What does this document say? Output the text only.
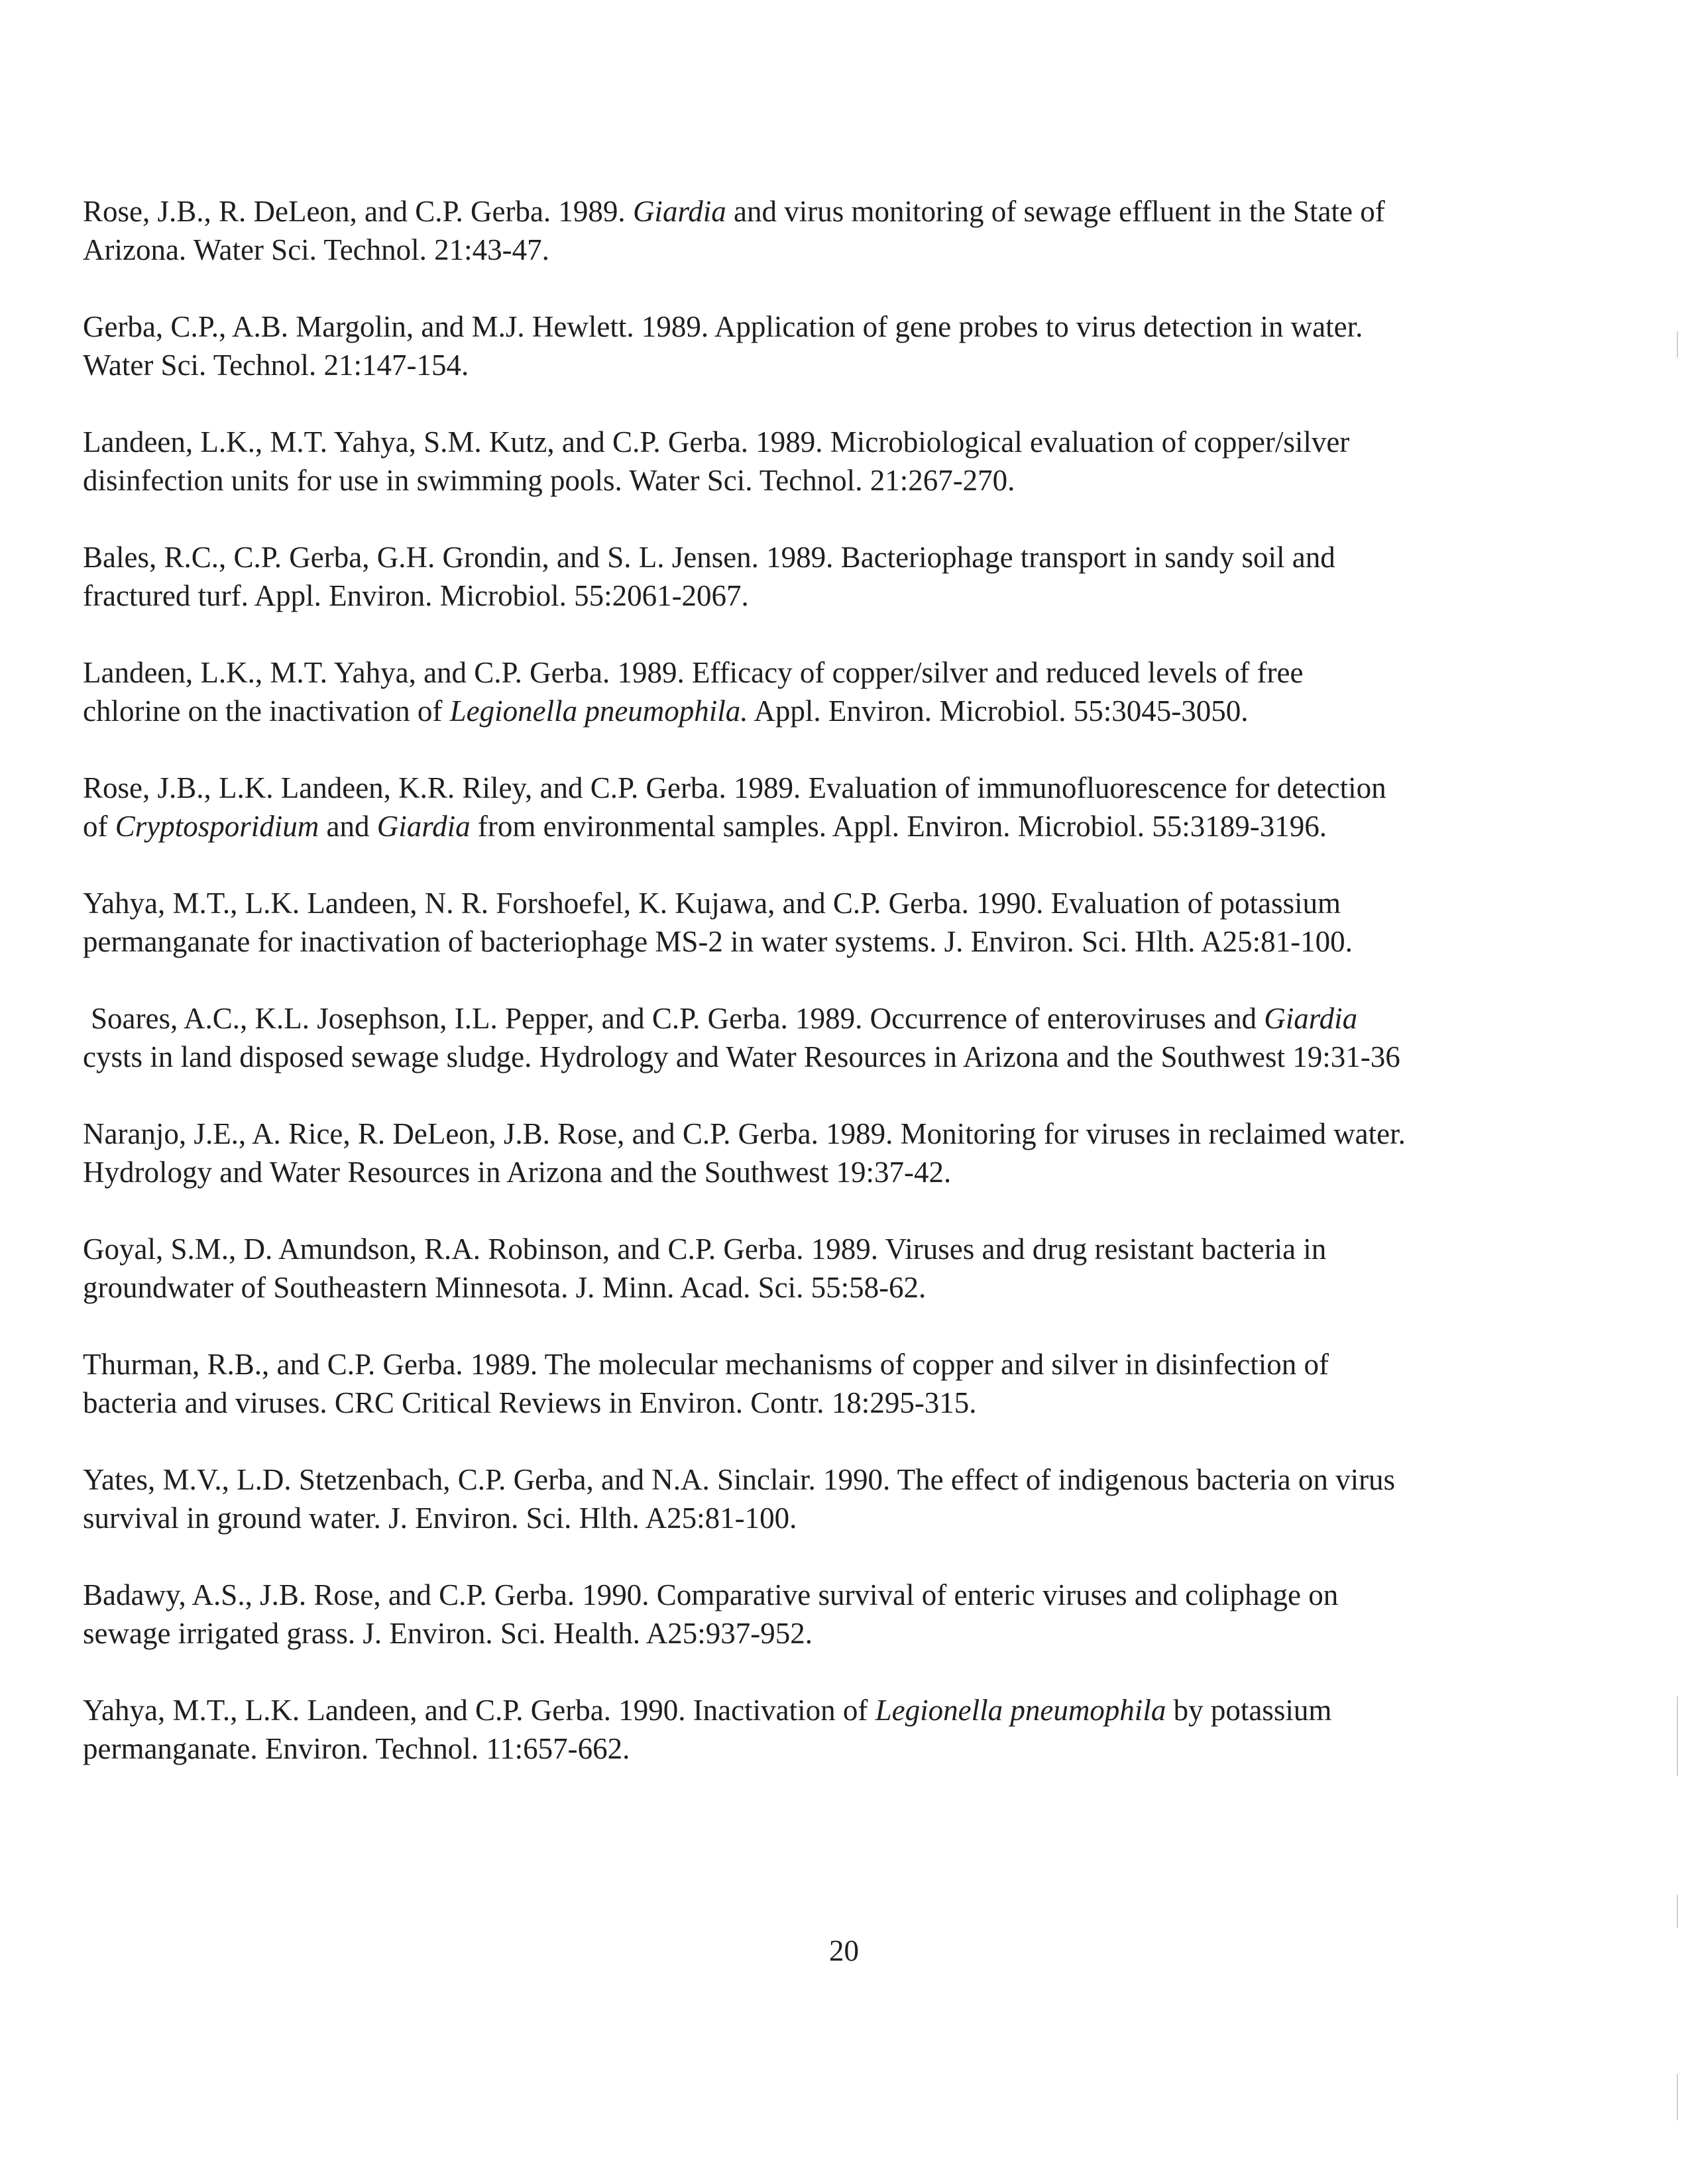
Rose, J.B., R. DeLeon, and C.P. Gerba. 1989. Giardia and virus monitoring of sewage effluent in the State of
Arizona. Water Sci. Technol. 21:43-47.
Gerba, C.P., A.B. Margolin, and M.J. Hewlett. 1989. Application of gene probes to virus detection in water.
Water Sci. Technol. 21:147-154.
Landeen, L.K., M.T. Yahya, S.M. Kutz, and C.P. Gerba. 1989. Microbiological evaluation of copper/silver
disinfection units for use in swimming pools. Water Sci. Technol. 21:267-270.
Bales, R.C., C.P. Gerba, G.H. Grondin, and S. L. Jensen. 1989. Bacteriophage transport in sandy soil and
fractured turf. Appl. Environ. Microbiol. 55:2061-2067.
Landeen, L.K., M.T. Yahya, and C.P. Gerba. 1989. Efficacy of copper/silver and reduced levels of free
chlorine on the inactivation of Legionella pneumophila. Appl. Environ. Microbiol. 55:3045-3050.
Rose, J.B., L.K. Landeen, K.R. Riley, and C.P. Gerba. 1989. Evaluation of immunofluorescence for detection
of Cryptosporidium and Giardia from environmental samples. Appl. Environ. Microbiol. 55:3189-3196.
Yahya, M.T., L.K. Landeen, N. R. Forshoefel, K. Kujawa, and C.P. Gerba. 1990. Evaluation of potassium
permanganate for inactivation of bacteriophage MS-2 in water systems. J. Environ. Sci. Hlth. A25:81-100.
Soares, A.C., K.L. Josephson, I.L. Pepper, and C.P. Gerba. 1989. Occurrence of enteroviruses and Giardia
cysts in land disposed sewage sludge. Hydrology and Water Resources in Arizona and the Southwest 19:31-36
Naranjo, J.E., A. Rice, R. DeLeon, J.B. Rose, and C.P. Gerba. 1989. Monitoring for viruses in reclaimed water.
Hydrology and Water Resources in Arizona and the Southwest 19:37-42.
Goyal, S.M., D. Amundson, R.A. Robinson, and C.P. Gerba. 1989. Viruses and drug resistant bacteria in
groundwater of Southeastern Minnesota. J. Minn. Acad. Sci. 55:58-62.
Thurman, R.B., and C.P. Gerba. 1989. The molecular mechanisms of copper and silver in disinfection of
bacteria and viruses. CRC Critical Reviews in Environ. Contr. 18:295-315.
Yates, M.V., L.D. Stetzenbach, C.P. Gerba, and N.A. Sinclair. 1990. The effect of indigenous bacteria on virus
survival in ground water. J. Environ. Sci. Hlth. A25:81-100.
Badawy, A.S., J.B. Rose, and C.P. Gerba. 1990. Comparative survival of enteric viruses and coliphage on
sewage irrigated grass. J. Environ. Sci. Health. A25:937-952.
Yahya, M.T., L.K. Landeen, and C.P. Gerba. 1990. Inactivation of Legionella pneumophila by potassium
permanganate. Environ. Technol. 11:657-662.
20
